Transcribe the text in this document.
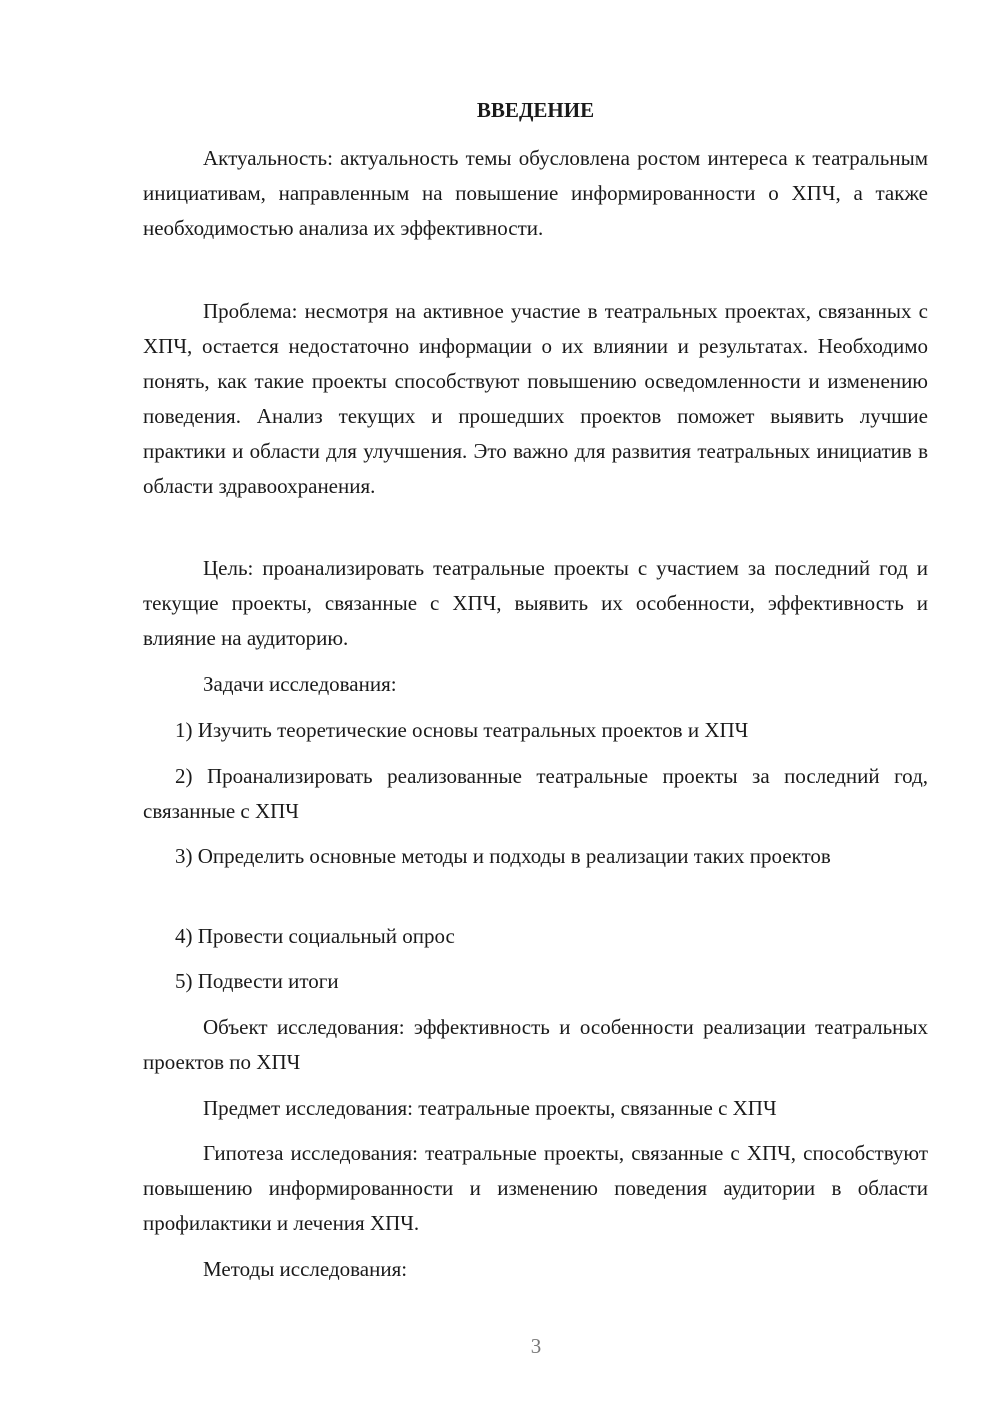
ВВЕДЕНИЕ

Актуальность: актуальность темы обусловлена ростом интереса к театральным инициативам, направленным на повышение информированности о ХПЧ, а также необходимостью анализа их эффективности.

Проблема: несмотря на активное участие в театральных проектах, связанных с ХПЧ, остается недостаточно информации о их влиянии и результатах. Необходимо понять, как такие проекты способствуют повышению осведомленности и изменению поведения. Анализ текущих и прошедших проектов поможет выявить лучшие практики и области для улучшения. Это важно для развития театральных инициатив в области здравоохранения.

Цель: проанализировать театральные проекты с участием за последний год и текущие проекты, связанные с ХПЧ, выявить их особенности, эффективность и влияние на аудиторию.

Задачи исследования:

1) Изучить теоретические основы театральных проектов и ХПЧ

2) Проанализировать реализованные театральные проекты за последний год, связанные с ХПЧ

3) Определить основные методы и подходы в реализации таких проектов

4) Провести социальный опрос

5) Подвести итоги

Объект исследования: эффективность и особенности реализации театральных проектов по ХПЧ

Предмет исследования: театральные проекты, связанные с ХПЧ

Гипотеза исследования: театральные проекты, связанные с ХПЧ, способствуют повышению информированности и изменению поведения аудитории в области профилактики и лечения ХПЧ.

Методы исследования:

3
